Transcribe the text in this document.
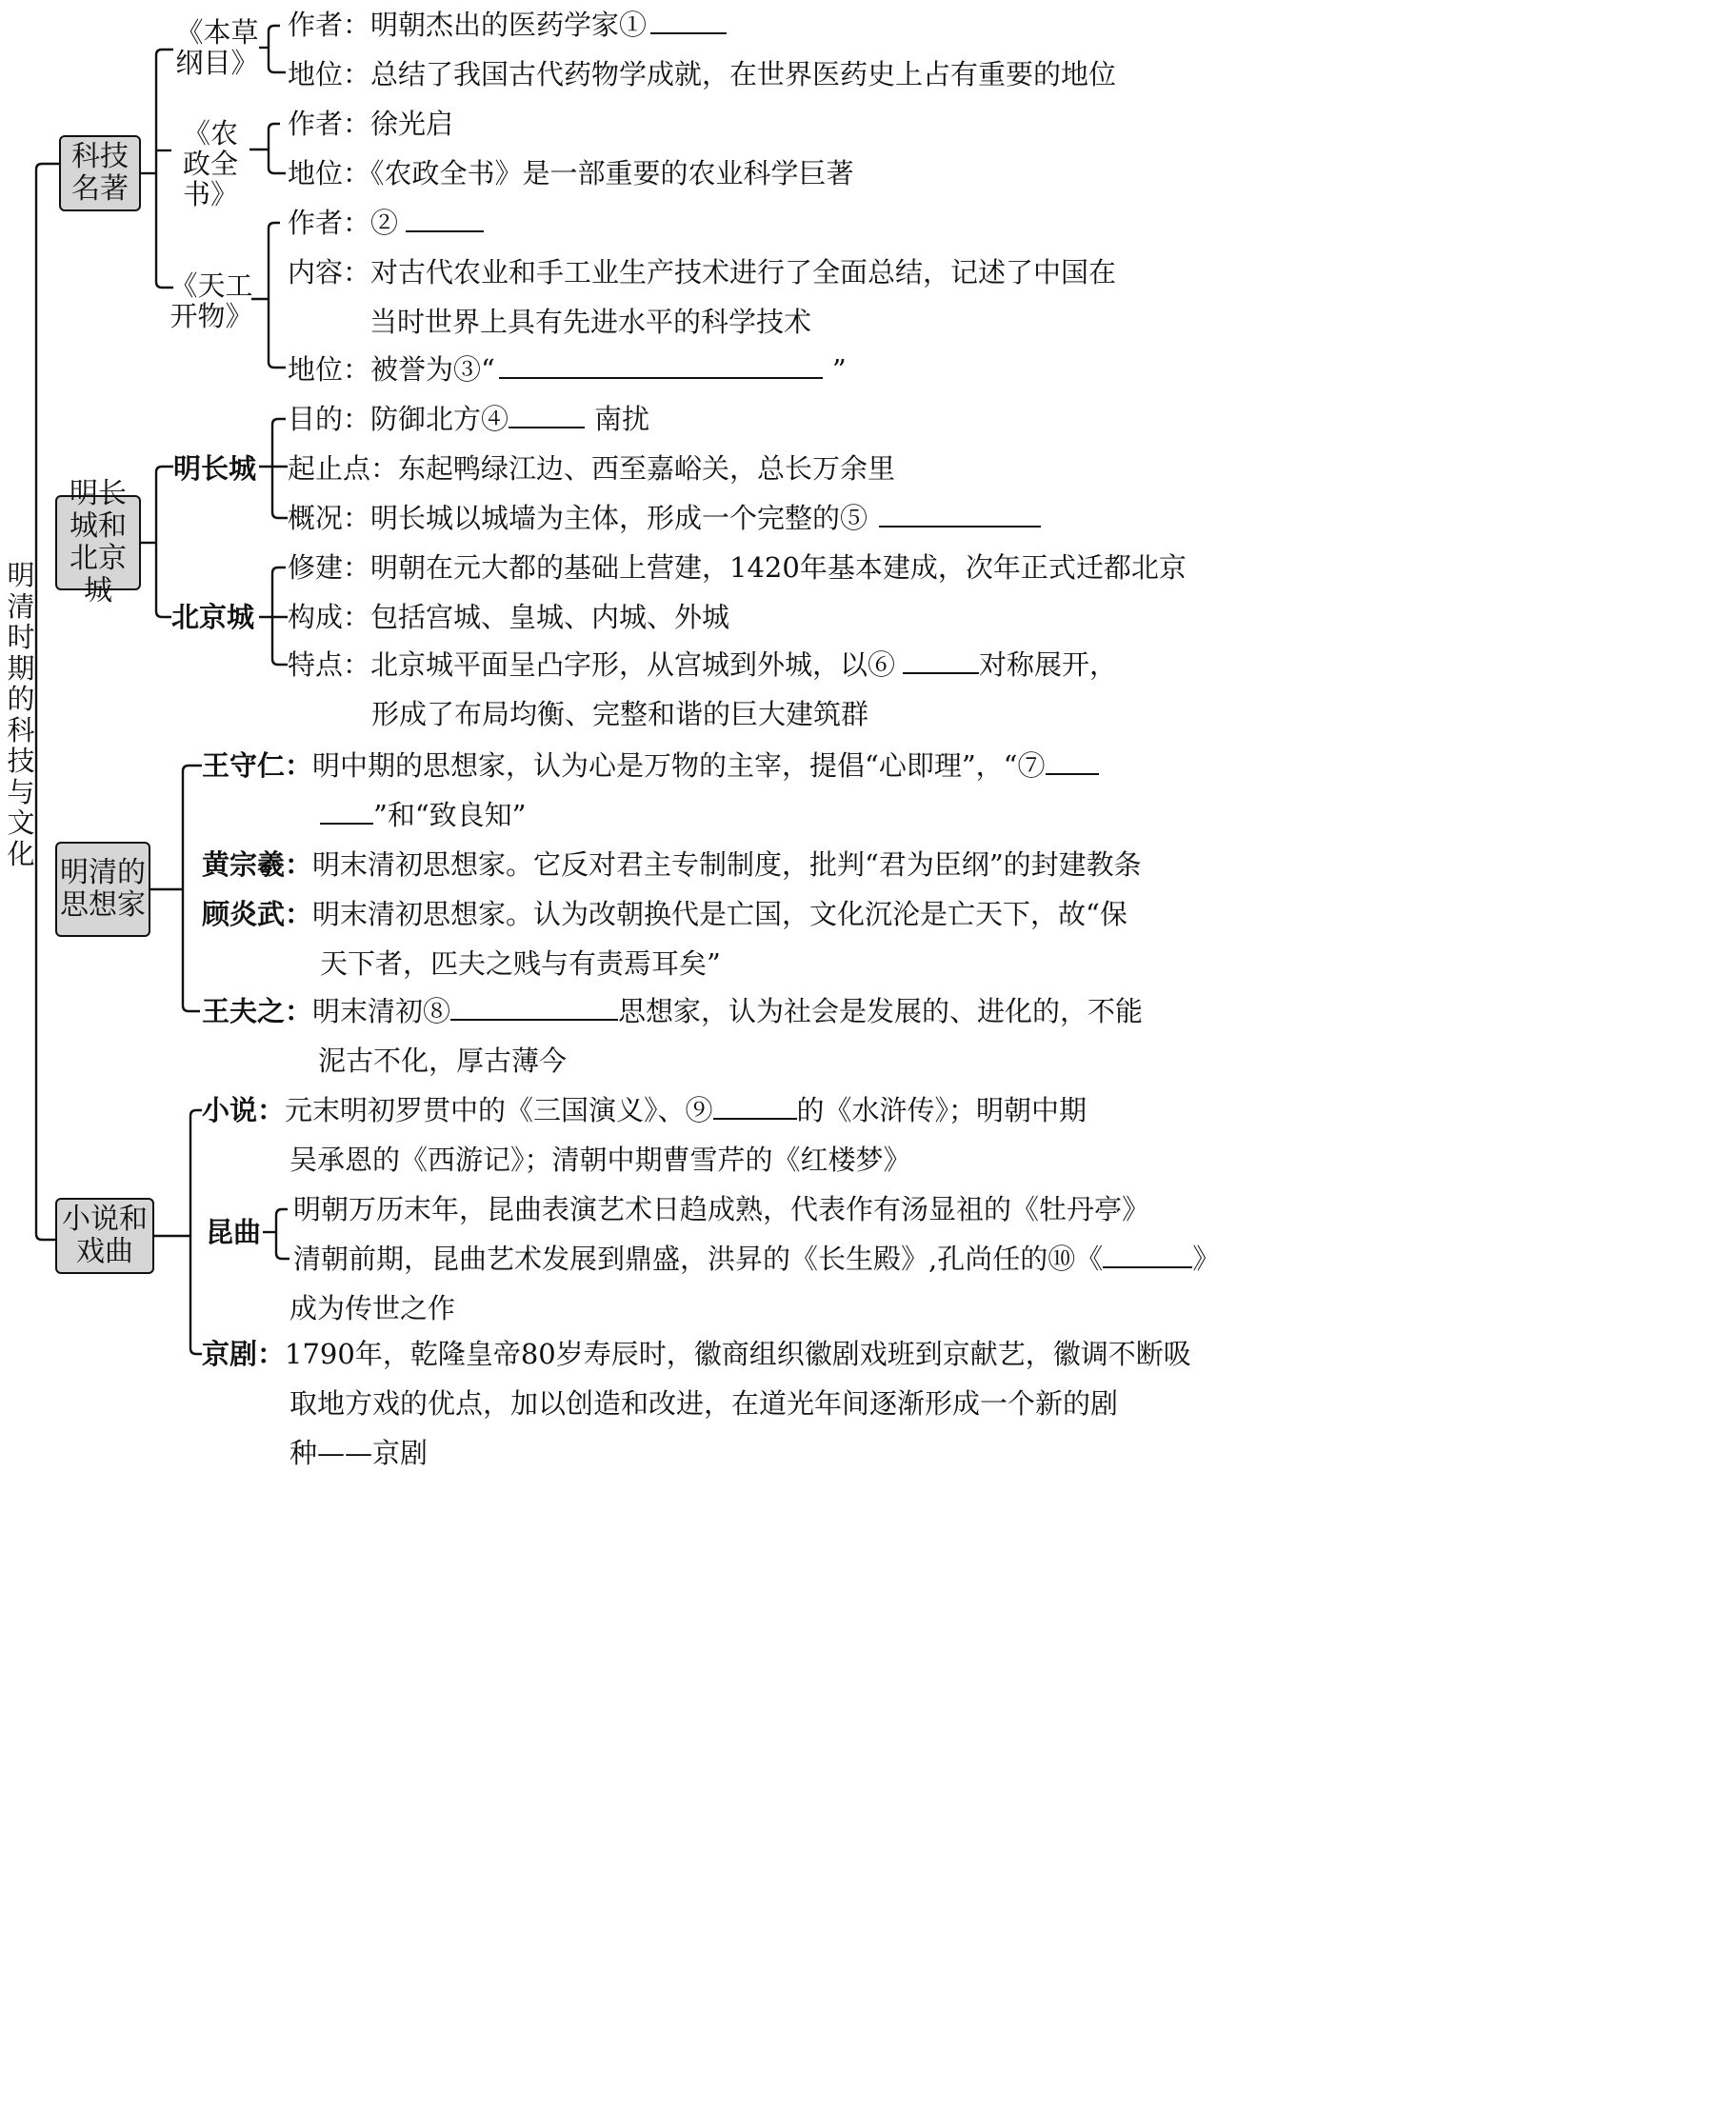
明清时期的科技与文化
科技名著
《本草纲目》
作者：明朝杰出的医药学家①
地位：总结了我国古代药物学成就，在世界医药史上占有重要的地位
《农政全书》
作者：徐光启
地位：《农政全书》是一部重要的农业科学巨著
《天工开物》
作者：②
内容：对古代农业和手工业生产技术进行了全面总结，记述了中国在
当时世界上具有先进水平的科学技术
地位：被誉为③“	”
明长城和北京城
明长城
目的：防御北方④	南扰
起止点：东起鸭绿江边、西至嘉峪关，总长万余里
概况：明长城以城墙为主体，形成一个完整的⑤
北京城
修建：明朝在元大都的基础上营建，1420年基本建成，次年正式迁都北京
构成：包括宫城、皇城、内城、外城
特点：北京城平面呈凸字形，从宫城到外城，以⑥	对称展开，
形成了布局均衡、完整和谐的巨大建筑群
明清的思想家
王守仁：明中期的思想家，认为心是万物的主宰，提倡“心即理”，“⑦
”和“致良知”
黄宗羲：明末清初思想家。它反对君主专制制度，批判“君为臣纲”的封建教条
顾炎武：明末清初思想家。认为改朝换代是亡国，文化沉沦是亡天下，故“保
天下者，匹夫之贱与有责焉耳矣”
王夫之：明末清初⑧	思想家，认为社会是发展的、进化的，不能
泥古不化，厚古薄今
小说和戏曲
小说：元末明初罗贯中的《三国演义》、⑨	的《水浒传》；明朝中期
吴承恩的《西游记》；清朝中期曹雪芹的《红楼梦》
昆曲
明朝万历末年，昆曲表演艺术日趋成熟，代表作有汤显祖的《牡丹亭》
清朝前期，昆曲艺术发展到鼎盛，洪昇的《长生殿》,孔尚任的⑩《	》
成为传世之作
京剧：1790年，乾隆皇帝80岁寿辰时，徽商组织徽剧戏班到京献艺，徽调不断吸
取地方戏的优点，加以创造和改进，在道光年间逐渐形成一个新的剧
种——京剧
